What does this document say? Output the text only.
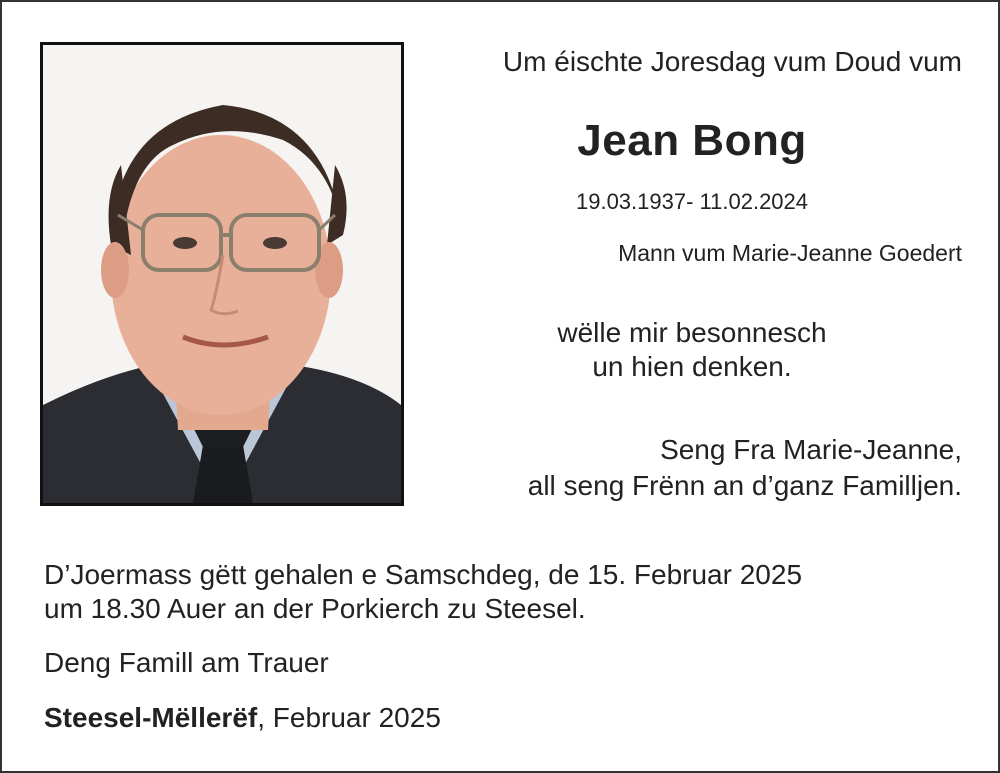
Um éischte Joresdag vum Doud vum
Jean Bong
19.03.1937- 11.02.2024
Mann vum Marie-Jeanne Goedert
wëlle mir besonnesch
un hien denken.
Seng Fra Marie-Jeanne,
all seng Frënn an d’ganz Familljen.
D’Joermass gëtt gehalen e Samschdeg, de 15. Februar 2025
um 18.30 Auer an der Porkierch zu Steesel.
Deng Famill am Trauer
Steesel-Mëllerëf, Februar 2025
